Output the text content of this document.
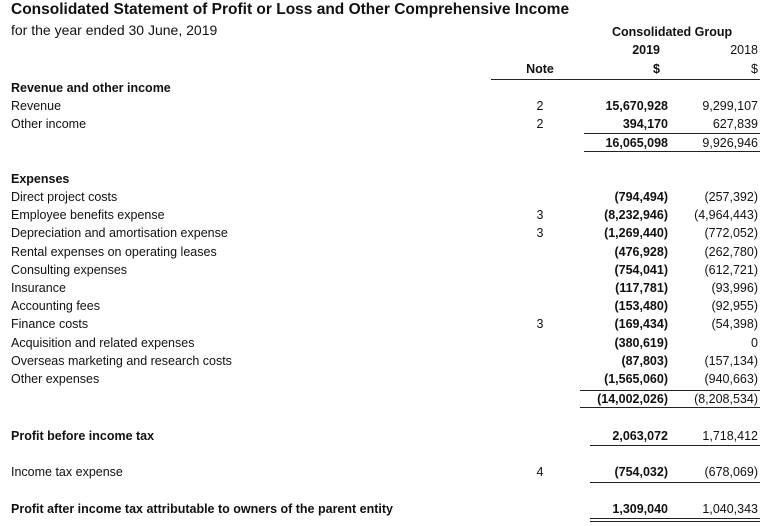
Consolidated Statement of Profit or Loss and Other Comprehensive Income
for the year ended 30 June, 2019	Consolidated Group
2019	2018
Note	$	$
Revenue and other income
Revenue	2	15,670,928	9,299,107
Other income	2	394,170	627,839
16,065,098	9,926,946
Expenses
Direct project costs	(794,494)	(257,392)
Employee benefits expense	3	(8,232,946)	(4,964,443)
Depreciation and amortisation expense	3	(1,269,440)	(772,052)
Rental expenses on operating leases	(476,928)	(262,780)
Consulting expenses	(754,041)	(612,721)
Insurance	(117,781)	(93,996)
Accounting fees	(153,480)	(92,955)
Finance costs	3	(169,434)	(54,398)
Acquisition and related expenses	(380,619)	0
Overseas marketing and research costs	(87,803)	(157,134)
Other expenses	(1,565,060)	(940,663)
(14,002,026)	(8,208,534)
Profit before income tax	2,063,072	1,718,412
Income tax expense	4	(754,032)	(678,069)
Profit after income tax attributable to owners of the parent entity	1,309,040	1,040,343
